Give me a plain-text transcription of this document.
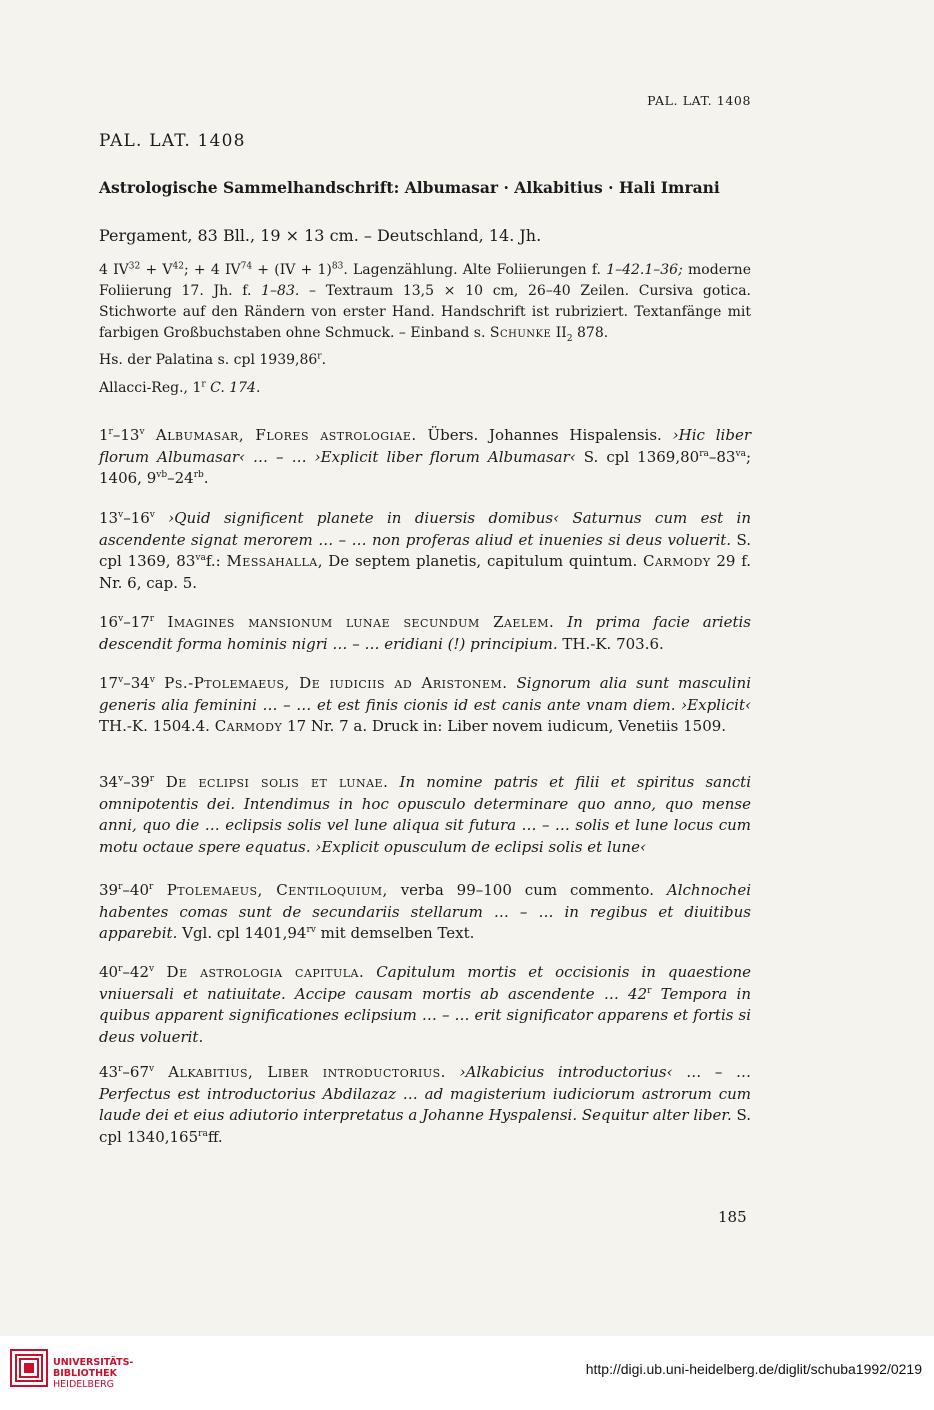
PAL. LAT. 1408
PAL. LAT. 1408
Astrologische Sammelhandschrift: Albumasar · Alkabitius · Hali Imrani
Pergament, 83 Bll., 19 × 13 cm. – Deutschland, 14. Jh.

4 $IV^{32} + V^{42}$; + 4 $IV^{74} + (IV + 1)^{83}$. Lagenzählung. Alte Foliierungen f. 1–42.1–36; moderne Foliierung 17. Jh. f. 1–83. – Textraum 13,5 × 10 cm, 26–40 Zeilen. Cursiva gotica. Stichworte auf den Rändern von erster Hand. Handschrift ist rubriziert. Textanfänge mit farbigen Großbuchstaben ohne Schmuck. – Einband s. Schunke $II_2$ 878.

Hs. der Palatina s. cpl 1939,86$^r$.

Allacci-Reg., 1$^r$ C. 174.

1$^r$–13$^v$ Albumasar, Flores astrologiae. Übers. Johannes Hispalensis. ›Hic liber florum Albumasar‹ … – … ›Explicit liber florum Albumasar‹ S. cpl $1369,80^{ra}-83^{va}$; 1406, $9^{vb}-24^{rb}$.

13$^v$–16$^v$ ›Quid significent planete in diuersis domibus‹ Saturnus cum est in ascendente signat merorem … – … non proferas aliud et inuenies si deus voluerit. S. cpl 1369, $83^{va}f$.: Messahalla, De septem planetis, capitulum quintum. Carmody 29 f. Nr. 6, cap. 5.

16$^v$–17$^r$ Imagines mansionum lunae secundum Zaelem. In prima facie arietis descendit forma hominis nigri … – … eridiani (!) principium. TH.-K. 703.6.

17$^v$–34$^v$ Ps.-Ptolemaeus, De iudiciis ad Aristonem. Signorum alia sunt masculini generis alia feminini … – … et est finis cionis id est canis ante vnam diem. ›Explicit‹ TH.-K. 1504.4. Carmody 17 Nr. 7 a. Druck in: Liber novem iudicum, Venetiis 1509.

34$^v$–39$^r$ De eclipsi solis et lunae. In nomine patris et filii et spiritus sancti omnipotentis dei. Intendimus in hoc opusculo determinare quo anno, quo mense anni, quo die … eclipsis solis vel lune aliqua sit futura … – … solis et lune locus cum motu octaue spere equatus. ›Explicit opusculum de eclipsi solis et lune‹

39$^r$–40$^r$ Ptolemaeus, Centiloquium, verba 99–100 cum commento. Alchnochei habentes comas sunt de secundariis stellarum … – … in regibus et diuitibus apparebit. Vgl. cpl $1401,94^{rv}$ mit demselben Text.

40$^r$–42$^v$ De astrologia capitula. Capitulum mortis et occisionis in quaestione vniuersali et natiuitate. Accipe causam mortis ab ascendente … 42$^r$ Tempora in quibus apparent significationes eclipsium … – … erit significator apparens et fortis si deus voluerit.

43$^r$–67$^v$ Alkabitius, Liber introductorius. ›Alkabicius introductorius‹ … – … Perfectus est introductorius Abdilazaz … ad magisterium iudiciorum astrorum cum laude dei et eius adiutorio interpretatus a Johanne Hyspalensi. Sequitur alter liber. S. cpl $1340,165^{ra}ff$.

185
UNIVERSITÄTS-
BIBLIOTHEK
HEIDELBERG
http://digi.ub.uni-heidelberg.de/diglit/schuba1992/0219
